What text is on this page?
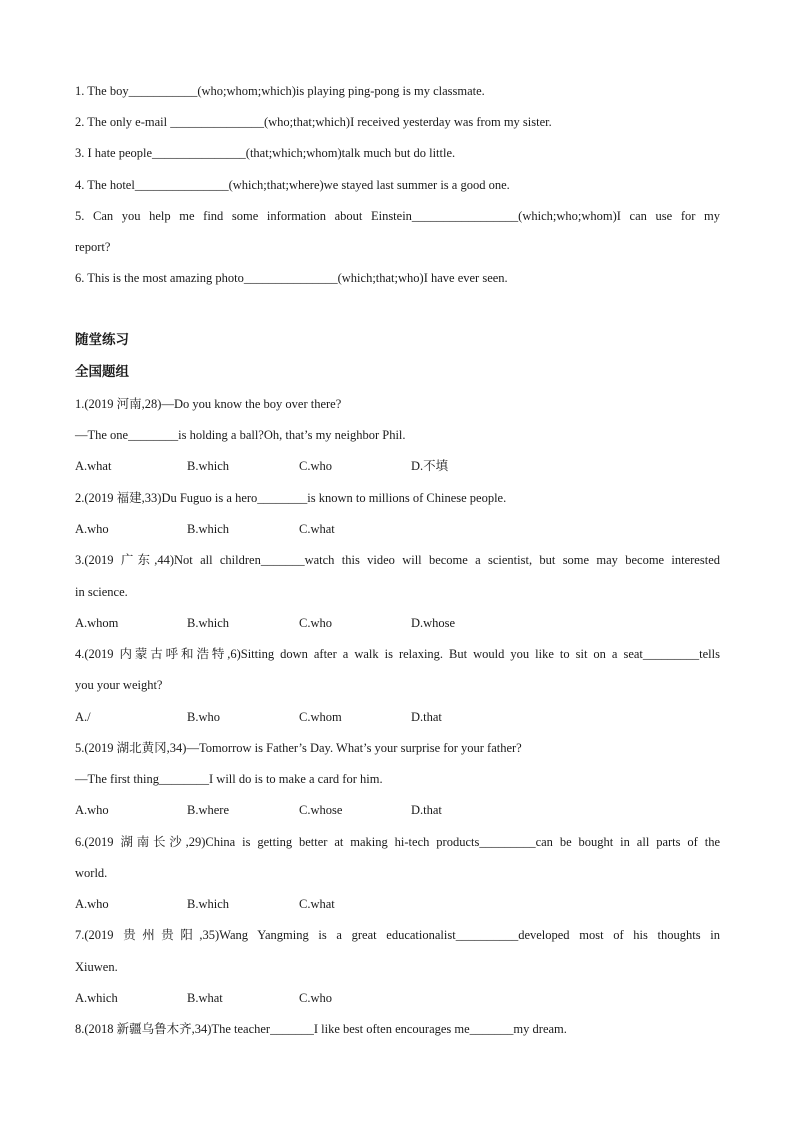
1. The boy___________(who;whom;which)is playing ping-pong is my classmate.
2. The only e-mail _______________(who;that;which)I received yesterday was from my sister.
3. I hate people_______________(that;which;whom)talk much but do little.
4. The hotel_______________(which;that;where)we stayed last summer is a good one.
5. Can you help me find some information about Einstein_________________(which;who;whom)I can use for my
report?
6. This is the most amazing photo_______________(which;that;who)I have ever seen.
随堂练习
全国题组
1.(2019 河南,28)—Do you know the boy over there?
—The one________is holding a ball?Oh, that’s my neighbor Phil.
A.what	B.which	C.who	D.不填
2.(2019 福建,33)Du Fuguo is a hero________is known to millions of Chinese people.
A.who	B.which	C.what
3.(2019 广东,44)Not all children_______watch this video will become a scientist, but some may become interested
in science.
A.whom	B.which	C.who	D.whose
4.(2019 内蒙古呼和浩特,6)Sitting down after a walk is relaxing. But would you like to sit on a seat_________tells
you your weight?
A./	B.who	C.whom	D.that
5.(2019 湖北黄冈,34)—Tomorrow is Father’s Day. What’s your surprise for your father?
—The first thing________I will do is to make a card for him.
A.who	B.where	C.whose	D.that
6.(2019 湖南长沙,29)China is getting better at making hi-tech products_________can be bought in all parts of the
world.
A.who	B.which	C.what
7.(2019 贵州贵阳,35)Wang Yangming is a great educationalist__________developed most of his thoughts in
Xiuwen.
A.which	B.what	C.who
8.(2018 新疆乌鲁木齐,34)The teacher_______I like best often encourages me_______my dream.
